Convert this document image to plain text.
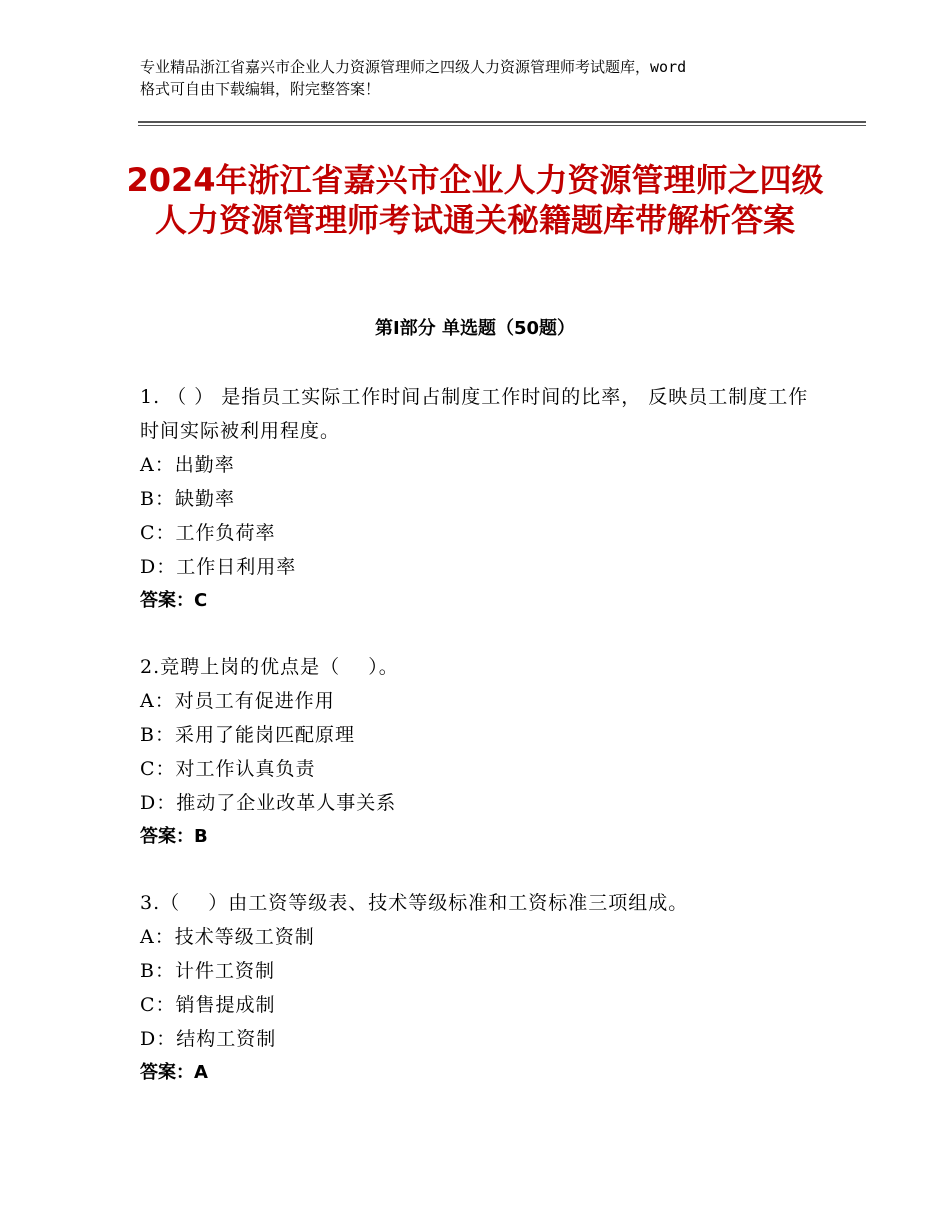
专业精品浙江省嘉兴市企业人力资源管理师之四级人力资源管理师考试题库，word
格式可自由下载编辑，附完整答案！
2024年浙江省嘉兴市企业人力资源管理师之四级人力资源管理师考试通关秘籍题库带解析答案
第Ⅰ部分 单选题（50题）
1. （ ） 是指员工实际工作时间占制度工作时间的比率， 反映员工制度工作时间实际被利用程度。
A：出勤率
B：缺勤率
C：工作负荷率
D：工作日利用率
答案：C
2.竞聘上岗的优点是（    ）。
A：对员工有促进作用
B：采用了能岗匹配原理
C：对工作认真负责
D：推动了企业改革人事关系
答案：B
3.（    ）由工资等级表、技术等级标准和工资标准三项组成。
A：技术等级工资制
B：计件工资制
C：销售提成制
D：结构工资制
答案：A
